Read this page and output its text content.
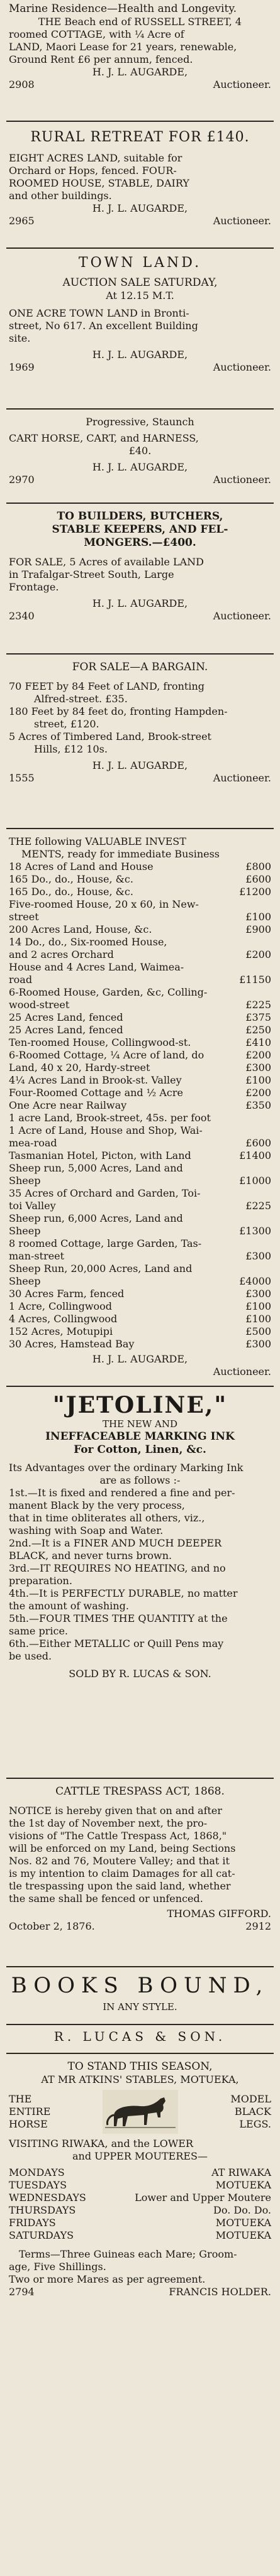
Marine Residence—Health and Longevity.

THE Beach end of RUSSELL STREET, 4

roomed COTTAGE, with ¼ Acre of

LAND, Maori Lease for 21 years, renewable,

Ground Rent £6 per annum, fenced.

H. J. L. AUGARDE,

2908	Auctioneer.

RURAL RETREAT FOR £140.

EIGHT ACRES LAND, suitable for

Orchard or Hops, fenced. FOUR-

ROOMED HOUSE, STABLE, DAIRY

and other buildings.

H. J. L. AUGARDE,

2965	Auctioneer.

TOWN LAND.

AUCTION SALE SATURDAY,

At 12.15 M.T.

ONE ACRE TOWN LAND in Bronti-

street, No 617. An excellent Building

site.

H. J. L. AUGARDE,

1969	Auctioneer.

Progressive, Staunch

CART HORSE, CART, and HARNESS,

£40.

H. J. L. AUGARDE,

2970	Auctioneer.

TO BUILDERS, BUTCHERS,

STABLE KEEPERS, AND FEL-

MONGERS.—£400.

FOR SALE, 5 Acres of available LAND

in Trafalgar-Street South, Large

Frontage.

H. J. L. AUGARDE,

2340	Auctioneer.

FOR SALE—A BARGAIN.

70 FEET by 84 Feet of LAND, fronting

Alfred-street. £35.

180 Feet by 84 feet do, fronting Hampden-

street, £120.

5 Acres of Timbered Land, Brook-street

Hills, £12 10s.

H. J. L. AUGARDE,

1555	Auctioneer.

THE following VALUABLE INVEST

MENTS, ready for immediate Business

18 Acres of Land and House	£800
165 Do., do., House, &c.	£600
165 Do., do., House, &c.	£1200
Five-roomed House, 20 x 60, in New-	
street	£100
200 Acres Land, House, &c.	£900
14 Do., do., Six-roomed House,	
and 2 acres Orchard	£200
House and 4 Acres Land, Waimea-	
road	£1150
6-Roomed House, Garden, &c, Colling-	
wood-street	£225
25 Acres Land, fenced	£375
25 Acres Land, fenced	£250
Ten-roomed House, Collingwood-st.	£410
6-Roomed Cottage, ¼ Acre of land, do	£200
Land, 40 x 20, Hardy-street	£300
4¼ Acres Land in Brook-st. Valley	£100
Four-Roomed Cottage and ½ Acre	£200
One Acre near Railway	£350
1 acre Land, Brook-street, 45s. per foot	
1 Acre of Land, House and Shop, Wai-	
mea-road	£600
Tasmanian Hotel, Picton, with Land	£1400
Sheep run, 5,000 Acres, Land and	
Sheep	£1000
35 Acres of Orchard and Garden, Toi-	
toi Valley	£225
Sheep run, 6,000 Acres, Land and	
Sheep	£1300
8 roomed Cottage, large Garden, Tas-	
man-street	£300
Sheep Run, 20,000 Acres, Land and	
Sheep	£4000
30 Acres Farm, fenced	£300
1 Acre, Collingwood	£100
4 Acres, Collingwood	£100
152 Acres, Motupipi	£500
30 Acres, Hamstead Bay	£300

H. J. L. AUGARDE,

Auctioneer.

"JETOLINE,"

THE NEW AND

INEFFACEABLE MARKING INK

For Cotton, Linen, &c.

Its Advantages over the ordinary Marking Ink

are as follows :-

1st.—It is fixed and rendered a fine and per-

manent Black by the very process,

that in time obliterates all others, viz.,

washing with Soap and Water.

2nd.—It is a FINER AND MUCH DEEPER

BLACK, and never turns brown.

3rd.—IT REQUIRES NO HEATING, and no

preparation.

4th.—It is PERFECTLY DURABLE, no matter

the amount of washing.

5th.—FOUR TIMES THE QUANTITY at the

same price.

6th.—Either METALLIC or Quill Pens may

be used.

SOLD BY R. LUCAS & SON.

CATTLE TRESPASS ACT, 1868.

NOTICE is hereby given that on and after

the 1st day of November next, the pro-

visions of "The Cattle Trespass Act, 1868,"

will be enforced on my Land, being Sections

Nos. 82 and 76, Moutere Valley; and that it

is my intention to claim Damages for all cat-

tle trespassing upon the said land, whether

the same shall be fenced or unfenced.

THOMAS GIFFORD.

October 2, 1876.	2912

BOOKS BOUND,

IN ANY STYLE.

R. LUCAS & SON.

TO STAND THIS SEASON,

AT MR ATKINS' STABLES, MOTUEKA,

THE
ENTIRE
HORSE
MODEL
BLACK
LEGS.

VISITING RIWAKA, and the LOWER

and UPPER MOUTERES—

MONDAYS	AT RIWAKA
TUESDAYS	MOTUEKA
WEDNESDAYS	Lower and Upper Moutere
THURSDAYS	Do. Do. Do.
FRIDAYS	MOTUEKA
SATURDAYS	MOTUEKA

Terms—Three Guineas each Mare; Groom-

age, Five Shillings.

Two or more Mares as per agreement.

2794	FRANCIS HOLDER.
